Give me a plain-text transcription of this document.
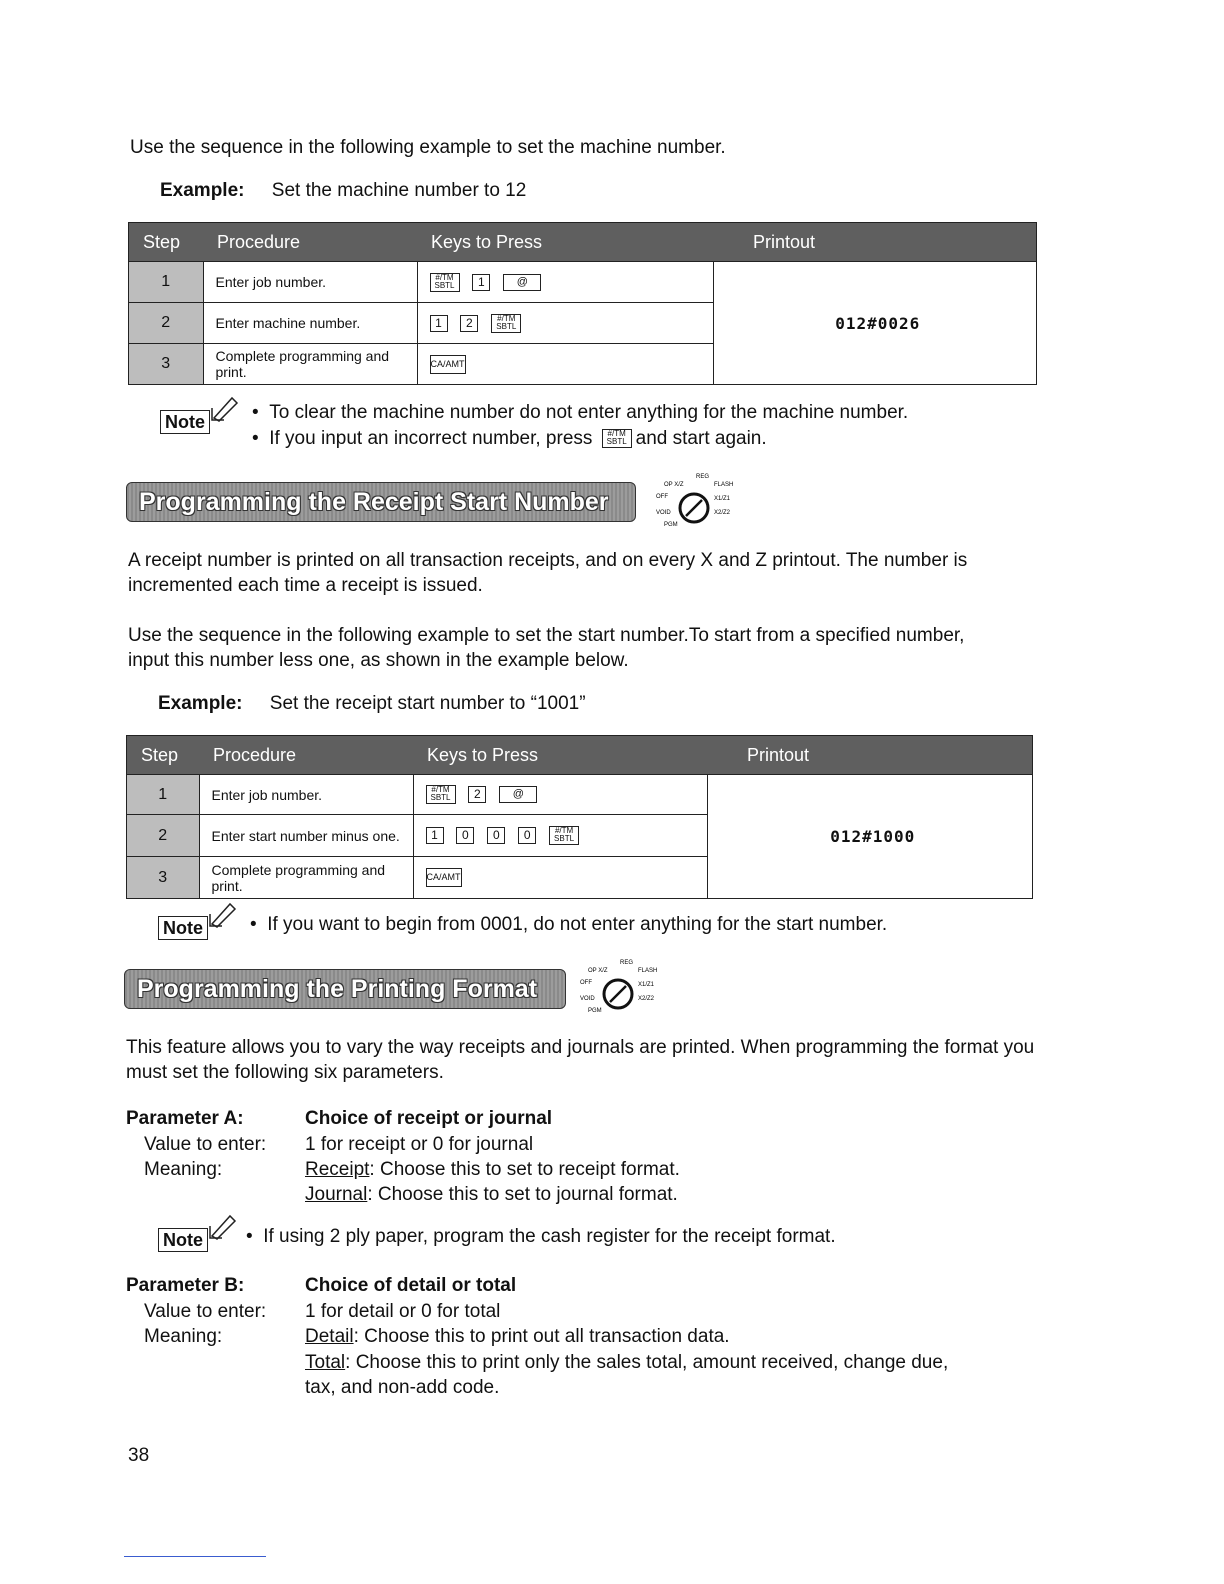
Use the sequence in the following example to set the machine number.
Example: Set the machine number to 12
Step	Procedure	Keys to Press	Printout
1	Enter job number.	#/TM SBTL 1 @	012#0026
2	Enter machine number.	1 2 #/TM SBTL	
3	Complete programming and print.	CA/AMT	
Note •  To clear the machine number do not enter anything for the machine number.
•  If you input an incorrect number, press #/TM SBTL and start again.
Programming the Receipt Start Number
REG
OP X/Z	FLASH
OFF	X1/Z1
VOID	X2/Z2
PGM
A receipt number is printed on all transaction receipts, and on every X and Z printout. The number is incremented each time a receipt is issued.
Use the sequence in the following example to set the start number.To start from a specified number, input this number less one, as shown in the example below.
Example: Set the receipt start number to “1001”
Step	Procedure	Keys to Press	Printout
1	Enter job number.	#/TM SBTL 2 @	012#1000
2	Enter start number minus one.	1 0 0 0 #/TM SBTL	
3	Complete programming and print.	CA/AMT	
Note •  If you want to begin from 0001, do not enter anything for the start number.
Programming the Printing Format
REG
OP X/Z	FLASH
OFF	X1/Z1
VOID	X2/Z2
PGM
This feature allows you to vary the way receipts and journals are printed. When programming the format you must set the following six parameters.
Parameter A:	Choice of receipt or journal
Value to enter: 1 for receipt or 0 for journal
Meaning:	Receipt: Choose this to set to receipt format.
Journal: Choose this to set to journal format.
Note •  If using 2 ply paper, program the cash register for the receipt format.
Parameter B:	Choice of detail or total
Value to enter: 1 for detail or 0 for total
Meaning:	Detail: Choose this to print out all transaction data.
Total: Choose this to print only the sales total, amount received, change due,
tax, and non-add code.
38
